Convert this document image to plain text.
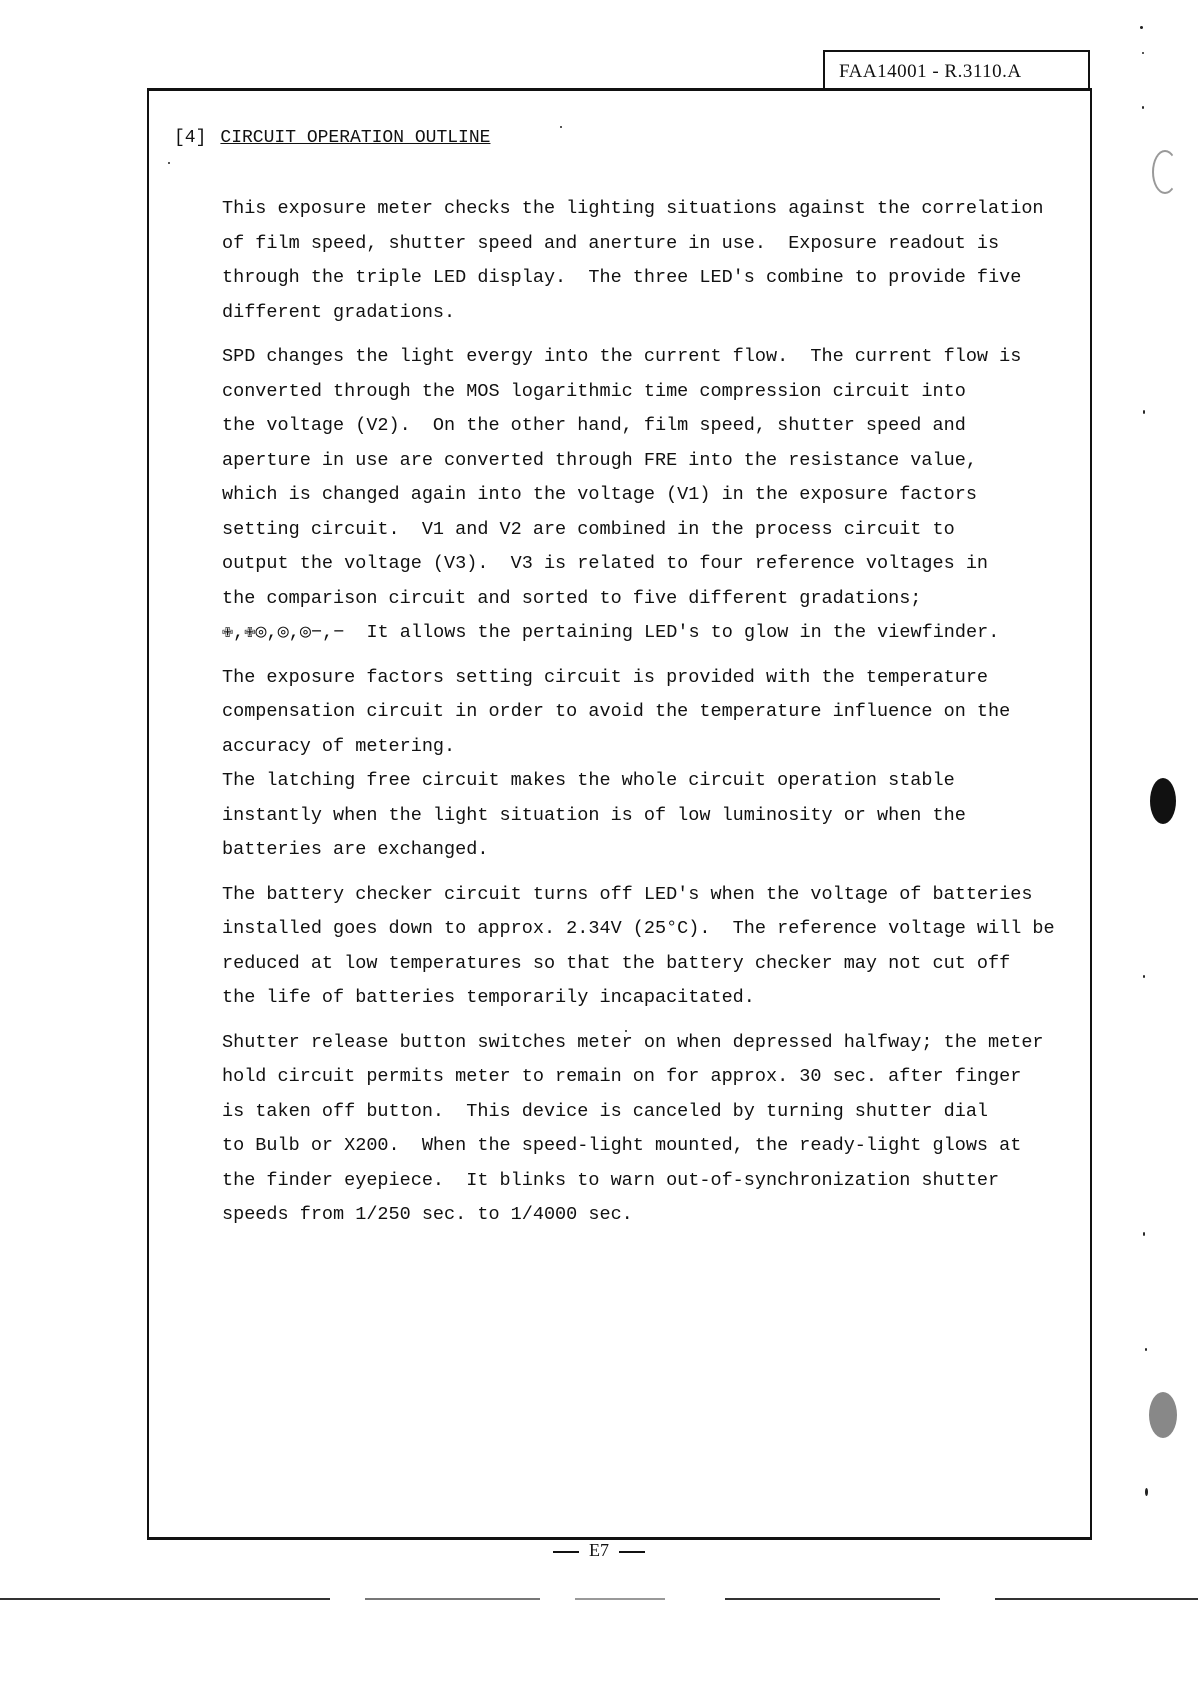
FAA14001 - R.3110.A
[4] CIRCUIT OPERATION OUTLINE
This exposure meter checks the lighting situations against the correlation
of film speed, shutter speed and anerture in use.  Exposure readout is
through the triple LED display.  The three LED's combine to provide five
different gradations.
SPD changes the light evergy into the current flow.  The current flow is
converted through the MOS logarithmic time compression circuit into
the voltage (V2).  On the other hand, film speed, shutter speed and
aperture in use are converted through FRE into the resistance value,
which is changed again into the voltage (V1) in the exposure factors
setting circuit.  V1 and V2 are combined in the process circuit to
output the voltage (V3).  V3 is related to four reference voltages in
the comparison circuit and sorted to five different gradations;
✙,✙◎,◎,◎−,−  It allows the pertaining LED's to glow in the viewfinder.
The exposure factors setting circuit is provided with the temperature
compensation circuit in order to avoid the temperature influence on the
accuracy of metering.
The latching free circuit makes the whole circuit operation stable
instantly when the light situation is of low luminosity or when the
batteries are exchanged.
The battery checker circuit turns off LED's when the voltage of batteries
installed goes down to approx. 2.34V (25°C).  The reference voltage will be
reduced at low temperatures so that the battery checker may not cut off
the life of batteries temporarily incapacitated.
Shutter release button switches meter on when depressed halfway; the meter
hold circuit permits meter to remain on for approx. 30 sec. after finger
is taken off button.  This device is canceled by turning shutter dial
to Bulb or X200.  When the speed-light mounted, the ready-light glows at
the finder eyepiece.  It blinks to warn out-of-synchronization shutter
speeds from 1/250 sec. to 1/4000 sec.
E7
